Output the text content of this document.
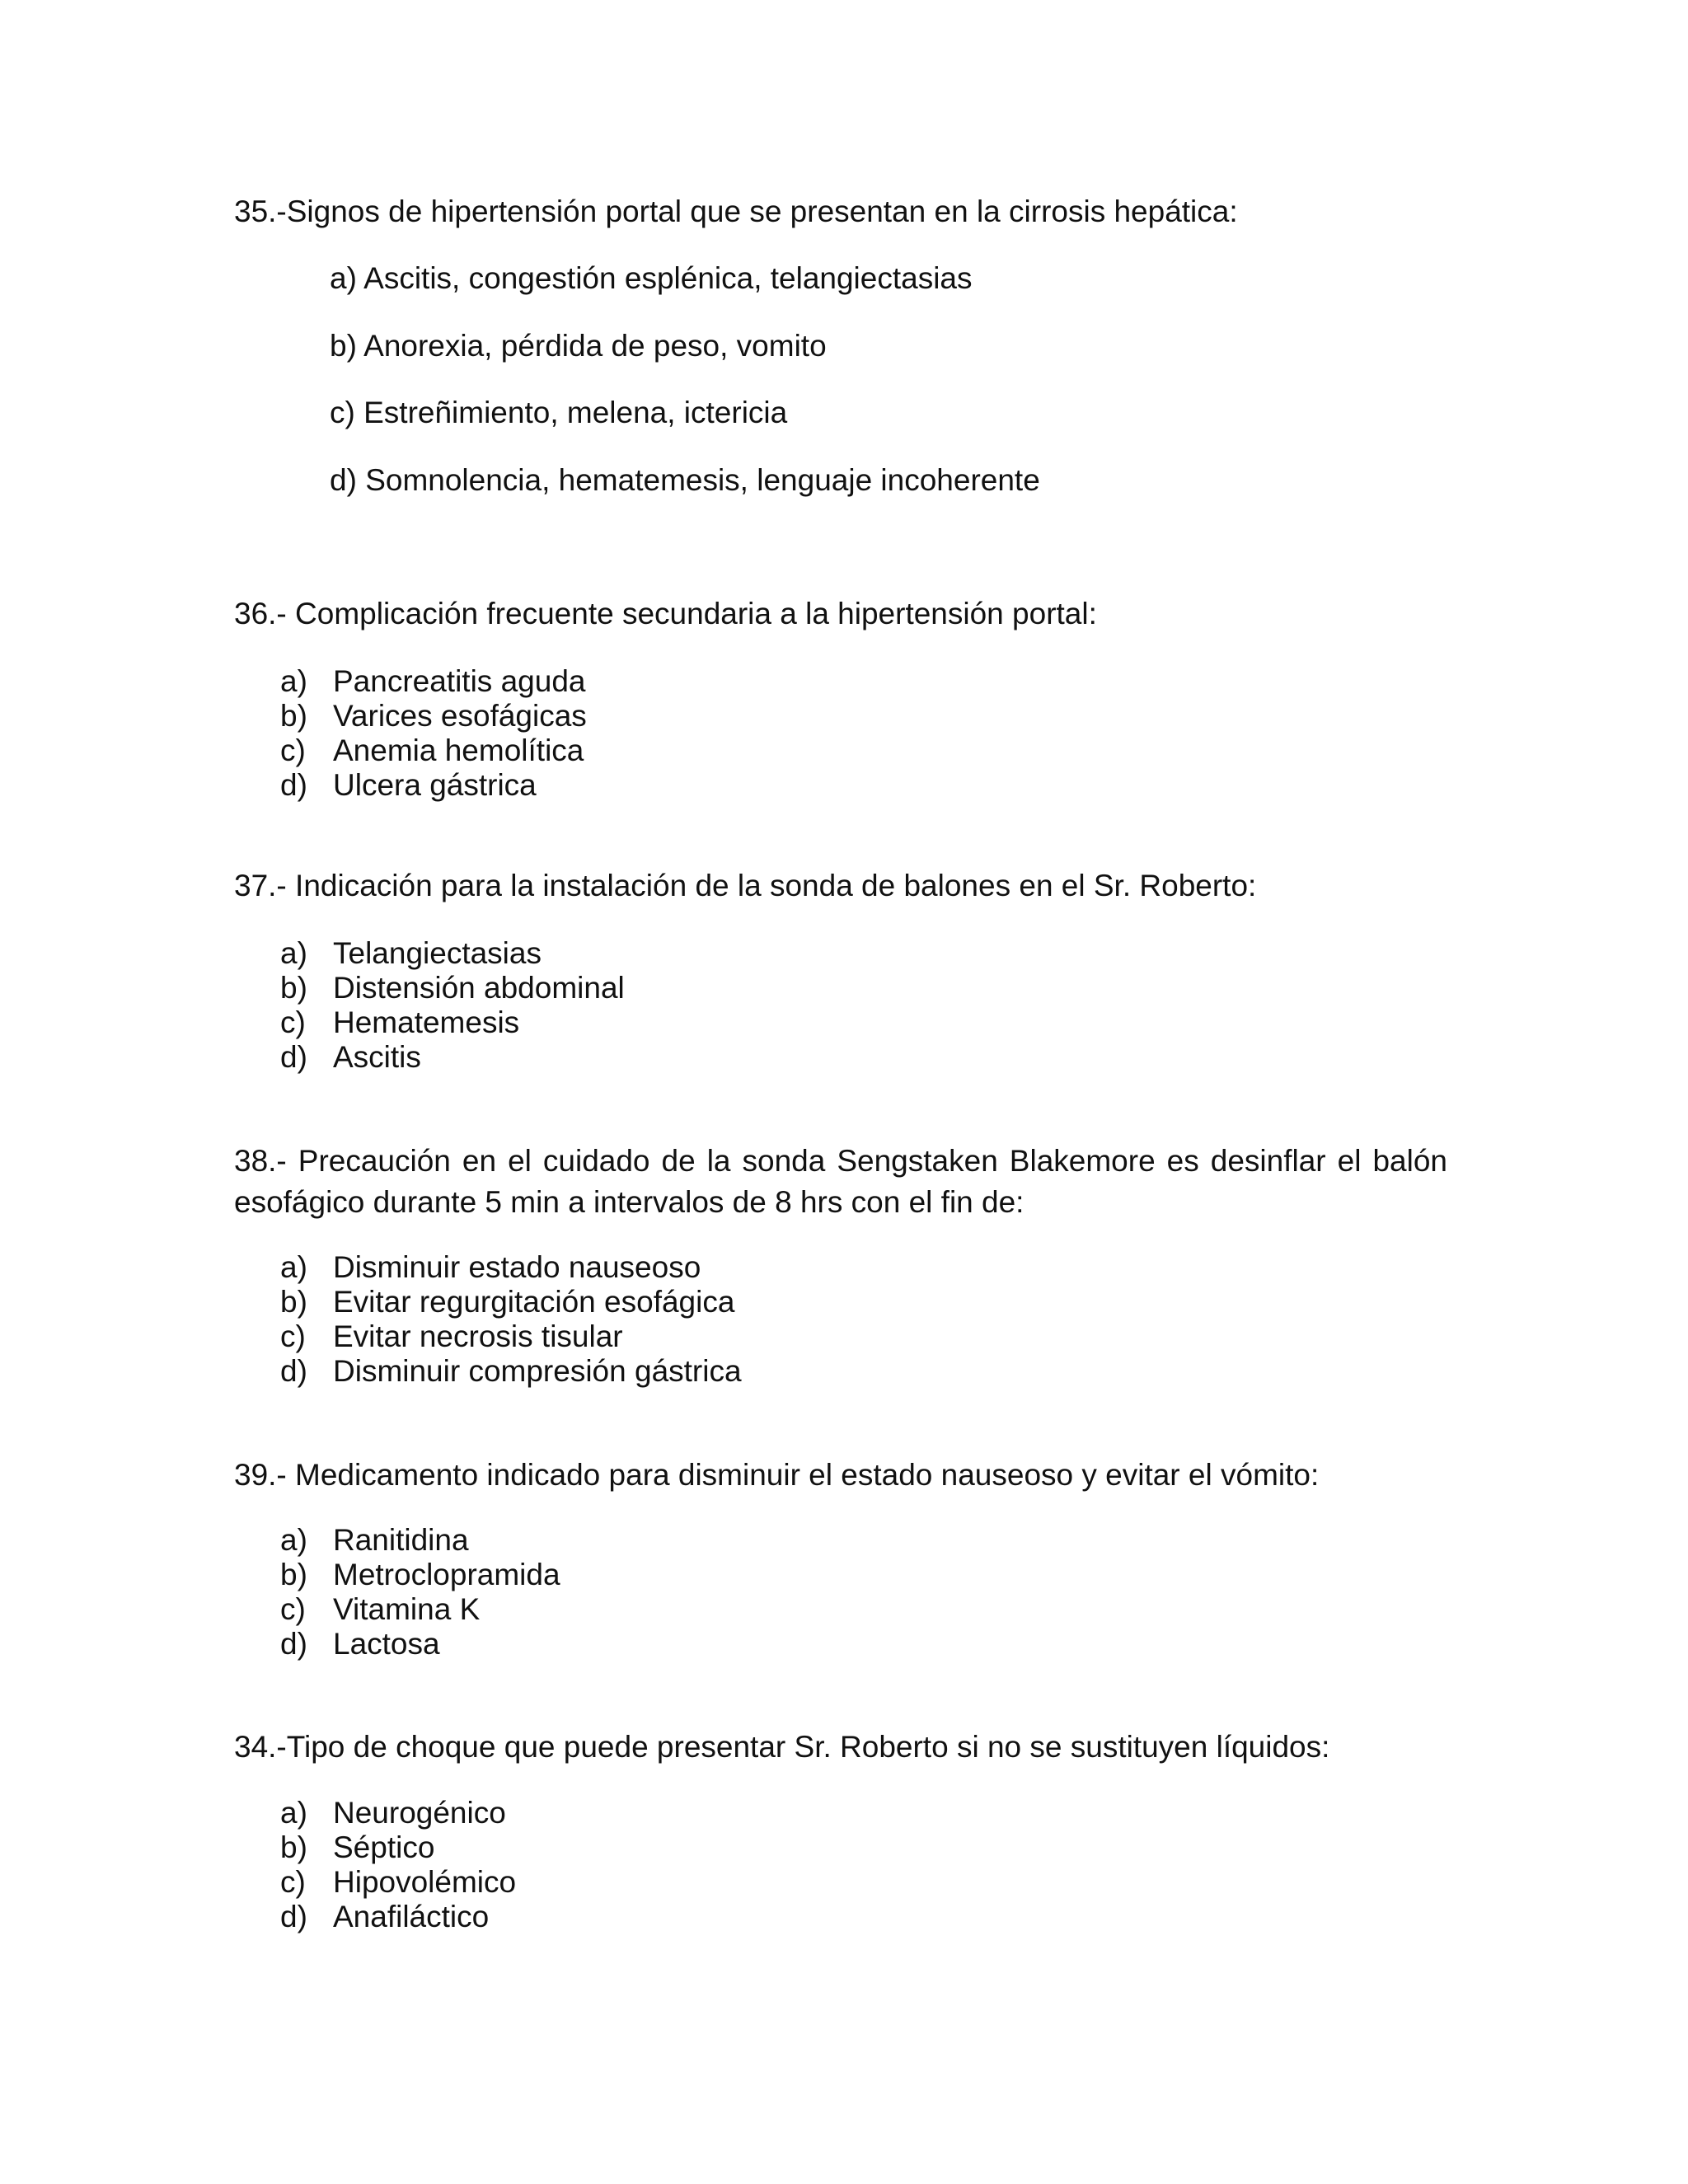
35.-Signos de hipertensión portal que se presentan en la cirrosis hepática:

a) Ascitis, congestión esplénica, telangiectasias
b) Anorexia, pérdida de peso, vomito
c) Estreñimiento, melena, ictericia
d) Somnolencia, hematemesis, lenguaje incoherente

36.- Complicación frecuente secundaria a la hipertensión portal:

a) Pancreatitis aguda
b) Varices esofágicas
c) Anemia hemolítica
d) Ulcera gástrica

37.- Indicación para la instalación de la sonda de balones en el Sr. Roberto:

a) Telangiectasias
b) Distensión abdominal
c) Hematemesis
d) Ascitis

38.- Precaución en el cuidado de la sonda Sengstaken Blakemore es desinflar el balón esofágico durante 5 min a intervalos de 8 hrs con el fin de:

a) Disminuir estado nauseoso
b) Evitar regurgitación esofágica
c) Evitar necrosis tisular
d) Disminuir compresión gástrica

39.- Medicamento indicado para disminuir el estado nauseoso y evitar el vómito:

a) Ranitidina
b) Metroclopramida
c) Vitamina K
d) Lactosa

34.-Tipo de choque que puede presentar Sr. Roberto si no se sustituyen líquidos:

a) Neurogénico
b) Séptico
c) Hipovolémico
d) Anafiláctico
